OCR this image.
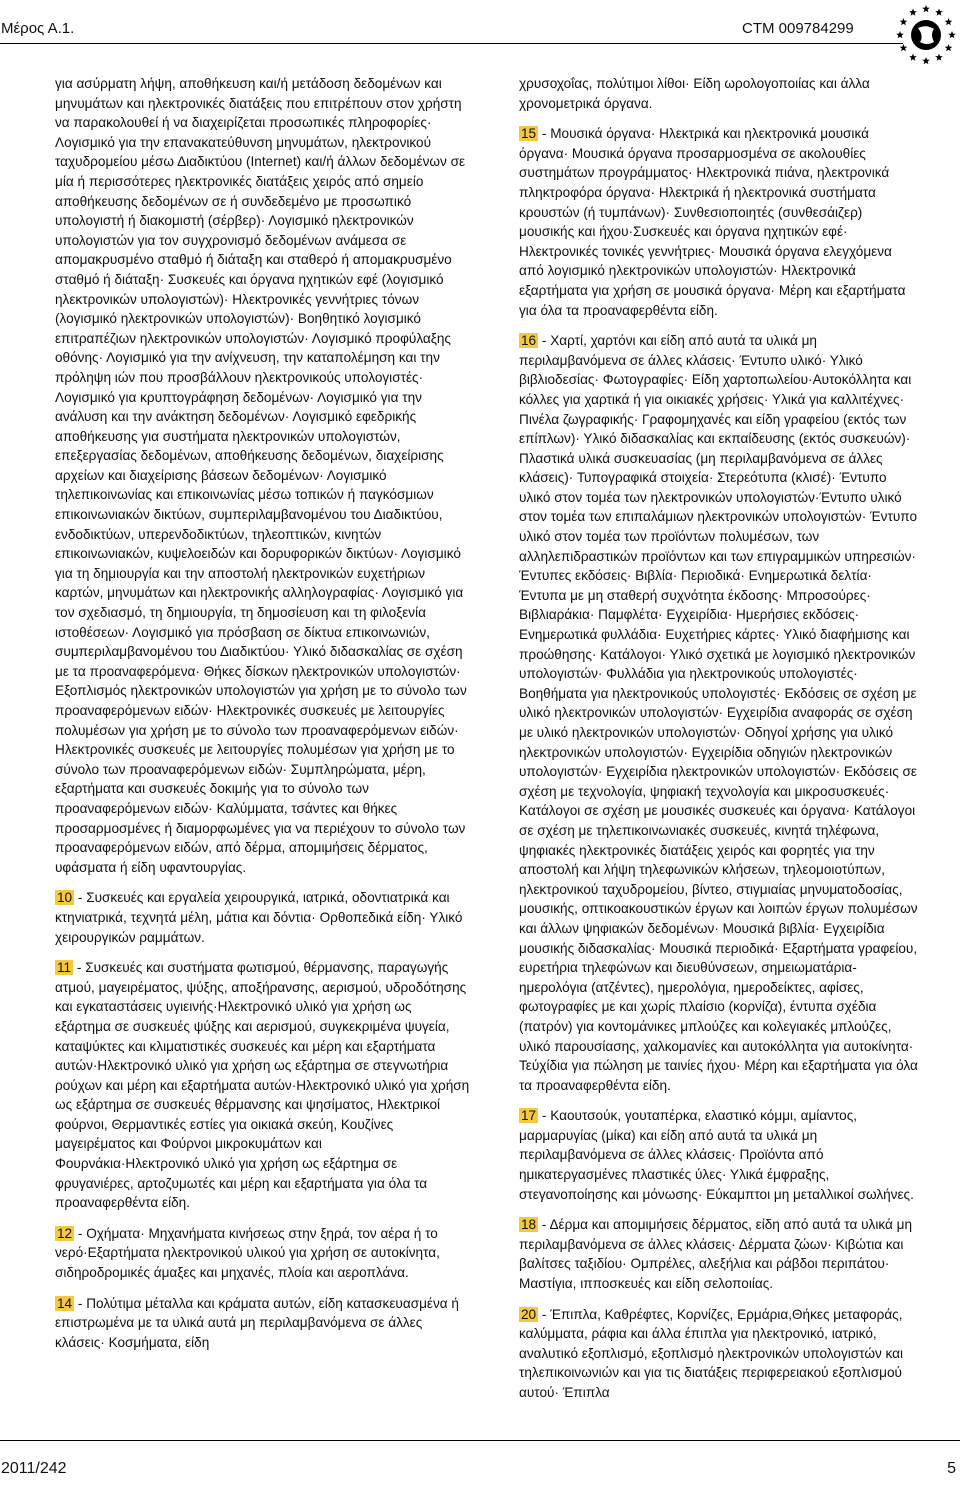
Μέρος Α.1.	CTM 009784299

για ασύρματη λήψη, αποθήκευση και/ή μετάδοση δεδομένων και μηνυμάτων και ηλεκτρονικές διατάξεις που επιτρέπουν στον χρήστη να παρακολουθεί ή να διαχειρίζεται προσωπικές πληροφορίες· Λογισμικό για την επανακατεύθυνση μηνυμάτων, ηλεκτρονικού ταχυδρομείου μέσω Διαδικτύου (Internet) και/ή άλλων δεδομένων σε μία ή περισσότερες ηλεκτρονικές διατάξεις χειρός από σημείο αποθήκευσης δεδομένων σε ή συνδεδεμένο με προσωπικό υπολογιστή ή διακομιστή (σέρβερ)· Λογισμικό ηλεκτρονικών υπολογιστών για τον συγχρονισμό δεδομένων ανάμεσα σε απομακρυσμένο σταθμό ή διάταξη και σταθερό ή απομακρυσμένο σταθμό ή διάταξη· Συσκευές και όργανα ηχητικών εφέ (λογισμικό ηλεκτρονικών υπολογιστών)· Ηλεκτρονικές γεννήτριες τόνων (λογισμικό ηλεκτρονικών υπολογιστών)· Βοηθητικό λογισμικό επιτραπέζιων ηλεκτρονικών υπολογιστών· Λογισμικό προφύλαξης οθόνης· Λογισμικό για την ανίχνευση, την καταπολέμηση και την πρόληψη ιών που προσβάλλουν ηλεκτρονικούς υπολογιστές· Λογισμικό για κρυπτογράφηση δεδομένων· Λογισμικό για την ανάλυση και την ανάκτηση δεδομένων· Λογισμικό εφεδρικής αποθήκευσης για συστήματα ηλεκτρονικών υπολογιστών, επεξεργασίας δεδομένων, αποθήκευσης δεδομένων, διαχείρισης αρχείων και διαχείρισης βάσεων δεδομένων· Λογισμικό τηλεπικοινωνίας και επικοινωνίας μέσω τοπικών ή παγκόσμιων επικοινωνιακών δικτύων, συμπεριλαμβανομένου του Διαδικτύου, ενδοδικτύων, υπερενδοδικτύων, τηλεοπτικών, κινητών επικοινωνιακών, κυψελοειδών και δορυφορικών δικτύων· Λογισμικό για τη δημιουργία και την αποστολή ηλεκτρονικών ευχετήριων καρτών, μηνυμάτων και ηλεκτρονικής αλληλογραφίας· Λογισμικό για τον σχεδιασμό, τη δημιουργία, τη δημοσίευση και τη φιλοξενία ιστοθέσεων· Λογισμικό για πρόσβαση σε δίκτυα επικοινωνιών, συμπεριλαμβανομένου του Διαδικτύου· Υλικό διδασκαλίας σε σχέση με τα προαναφερόμενα· Θήκες δίσκων ηλεκτρονικών υπολογιστών· Εξοπλισμός ηλεκτρονικών υπολογιστών για χρήση με το σύνολο των προαναφερόμενων ειδών· Ηλεκτρονικές συσκευές με λειτουργίες πολυμέσων για χρήση με το σύνολο των προαναφερόμενων ειδών· Ηλεκτρονικές συσκευές με λειτουργίες πολυμέσων για χρήση με το σύνολο των προαναφερόμενων ειδών· Συμπληρώματα, μέρη, εξαρτήματα και συσκευές δοκιμής για το σύνολο των προαναφερόμενων ειδών· Καλύμματα, τσάντες και θήκες προσαρμοσμένες ή διαμορφωμένες για να περιέχουν το σύνολο των προαναφερόμενων ειδών, από δέρμα, απομιμήσεις δέρματος, υφάσματα ή είδη υφαντουργίας.

10 - Συσκευές και εργαλεία χειρουργικά, ιατρικά, οδοντιατρικά και κτηνιατρικά, τεχνητά μέλη, μάτια και δόντια· Ορθοπεδικά είδη· Υλικό χειρουργικών ραμμάτων.

11 - Συσκευές και συστήματα φωτισμού, θέρμανσης, παραγωγής ατμού, μαγειρέματος, ψύξης, αποξήρανσης, αερισμού, υδροδότησης και εγκαταστάσεις υγιεινής·Ηλεκτρονικό υλικό για χρήση ως εξάρτημα σε συσκευές ψύξης και αερισμού, συγκεκριμένα ψυγεία, καταψύκτες και κλιματιστικές συσκευές και μέρη και εξαρτήματα αυτών·Ηλεκτρονικό υλικό για χρήση ως εξάρτημα σε στεγνωτήρια ρούχων και μέρη και εξαρτήματα αυτών·Ηλεκτρονικό υλικό για χρήση ως εξάρτημα σε συσκευές θέρμανσης και ψησίματος, Ηλεκτρικοί φούρνοι, Θερμαντικές εστίες για οικιακά σκεύη, Κουζίνες μαγειρέματος και Φούρνοι μικροκυμάτων και Φουρνάκια·Ηλεκτρονικό υλικό για χρήση ως εξάρτημα σε φρυγανιέρες, αρτοζυμωτές και μέρη και εξαρτήματα για όλα τα προαναφερθέντα είδη.

12 - Οχήματα· Μηχανήματα κινήσεως στην ξηρά, τον αέρα ή το νερό·Εξαρτήματα ηλεκτρονικού υλικού για χρήση σε αυτοκίνητα, σιδηροδρομικές άμαξες και μηχανές, πλοία και αεροπλάνα.

14 - Πολύτιμα μέταλλα και κράματα αυτών, είδη κατασκευασμένα ή επιστρωμένα με τα υλικά αυτά μη περιλαμβανόμενα σε άλλες κλάσεις· Κοσμήματα, είδη

χρυσοχοΐας, πολύτιμοι λίθοι· Είδη ωρολογοποιίας και άλλα χρονομετρικά όργανα.

15 - Μουσικά όργανα· Ηλεκτρικά και ηλεκτρονικά μουσικά όργανα· Μουσικά όργανα προσαρμοσμένα σε ακολουθίες συστημάτων προγράμματος· Ηλεκτρονικά πιάνα, ηλεκτρονικά πληκτροφόρα όργανα· Ηλεκτρικά ή ηλεκτρονικά συστήματα κρουστών (ή τυμπάνων)· Συνθεσιοποιητές (συνθεσάιζερ) μουσικής και ήχου·Συσκευές και όργανα ηχητικών εφέ· Ηλεκτρονικές τονικές γεννήτριες· Μουσικά όργανα ελεγχόμενα από λογισμικό ηλεκτρονικών υπολογιστών· Ηλεκτρονικά εξαρτήματα για χρήση σε μουσικά όργανα· Μέρη και εξαρτήματα για όλα τα προαναφερθέντα είδη.

16 - Χαρτί, χαρτόνι και είδη από αυτά τα υλικά μη περιλαμβανόμενα σε άλλες κλάσεις· Έντυπο υλικό· Υλικό βιβλιοδεσίας· Φωτογραφίες· Είδη χαρτοπωλείου·Αυτοκόλλητα και κόλλες για χαρτικά ή για οικιακές χρήσεις· Υλικά για καλλιτέχνες· Πινέλα ζωγραφικής· Γραφομηχανές και είδη γραφείου (εκτός των επίπλων)· Υλικό διδασκαλίας και εκπαίδευσης (εκτός συσκευών)· Πλαστικά υλικά συσκευασίας (μη περιλαμβανόμενα σε άλλες κλάσεις)· Τυπογραφικά στοιχεία· Στερεότυπα (κλισέ)· Έντυπο υλικό στον τομέα των ηλεκτρονικών υπολογιστών·Έντυπο υλικό στον τομέα των επιπαλάμιων ηλεκτρονικών υπολογιστών· Έντυπο υλικό στον τομέα των προϊόντων πολυμέσων, των αλληλεπιδραστικών προϊόντων και των επιγραμμικών υπηρεσιών· Έντυπες εκδόσεις· Βιβλία· Περιοδικά· Ενημερωτικά δελτία· Έντυπα με μη σταθερή συχνότητα έκδοσης· Μπροσούρες· Βιβλιαράκια· Παμφλέτα· Εγχειρίδια· Ημερήσιες εκδόσεις· Ενημερωτικά φυλλάδια· Ευχετήριες κάρτες· Υλικό διαφήμισης και προώθησης· Κατάλογοι· Υλικό σχετικά με λογισμικό ηλεκτρονικών υπολογιστών· Φυλλάδια για ηλεκτρονικούς υπολογιστές· Βοηθήματα για ηλεκτρονικούς υπολογιστές· Εκδόσεις σε σχέση με υλικό ηλεκτρονικών υπολογιστών· Εγχειρίδια αναφοράς σε σχέση με υλικό ηλεκτρονικών υπολογιστών· Οδηγοί χρήσης για υλικό ηλεκτρονικών υπολογιστών· Εγχειρίδια οδηγιών ηλεκτρονικών υπολογιστών· Εγχειρίδια ηλεκτρονικών υπολογιστών· Εκδόσεις σε σχέση με τεχνολογία, ψηφιακή τεχνολογία και μικροσυσκευές· Κατάλογοι σε σχέση με μουσικές συσκευές και όργανα· Κατάλογοι σε σχέση με τηλεπικοινωνιακές συσκευές, κινητά τηλέφωνα, ψηφιακές ηλεκτρονικές διατάξεις χειρός και φορητές για την αποστολή και λήψη τηλεφωνικών κλήσεων, τηλεομοιοτύπων, ηλεκτρονικού ταχυδρομείου, βίντεο, στιγμιαίας μηνυματοδοσίας, μουσικής, οπτικοακουστικών έργων και λοιπών έργων πολυμέσων και άλλων ψηφιακών δεδομένων· Μουσικά βιβλία· Εγχειρίδια μουσικής διδασκαλίας· Μουσικά περιοδικά· Εξαρτήματα γραφείου, ευρετήρια τηλεφώνων και διευθύνσεων, σημειωματάρια-ημερολόγια (ατζέντες), ημερολόγια, ημεροδείκτες, αφίσες, φωτογραφίες με και χωρίς πλαίσιο (κορνίζα), έντυπα σχέδια (πατρόν) για κοντομάνικες μπλούζες και κολεγιακές μπλούζες, υλικό παρουσίασης, χαλκομανίες και αυτοκόλλητα για αυτοκίνητα· Τεύχίδια για πώληση με ταινίες ήχου· Μέρη και εξαρτήματα για όλα τα προαναφερθέντα είδη.

17 - Καουτσούκ, γουταπέρκα, ελαστικό κόμμι, αμίαντος, μαρμαρυγίας (μίκα) και είδη από αυτά τα υλικά μη περιλαμβανόμενα σε άλλες κλάσεις· Προϊόντα από ημικατεργασμένες πλαστικές ύλες· Υλικά έμφραξης, στεγανοποίησης και μόνωσης· Εύκαμπτοι μη μεταλλικοί σωλήνες.

18 - Δέρμα και απομιμήσεις δέρματος, είδη από αυτά τα υλικά μη περιλαμβανόμενα σε άλλες κλάσεις· Δέρματα ζώων· Κιβώτια και βαλίτσες ταξιδίου· Ομπρέλες, αλεξήλια και ράβδοι περιπάτου· Μαστίγια, ιπποσκευές και είδη σελοποιίας.

20 - Έπιπλα, Καθρέφτες, Κορνίζες, Ερμάρια,Θήκες μεταφοράς, καλύμματα, ράφια και άλλα έπιπλα για ηλεκτρονικό, ιατρικό, αναλυτικό εξοπλισμό, εξοπλισμό ηλεκτρονικών υπολογιστών και τηλεπικοινωνιών και για τις διατάξεις περιφερειακού εξοπλισμού αυτού· Έπιπλα

2011/242	5
